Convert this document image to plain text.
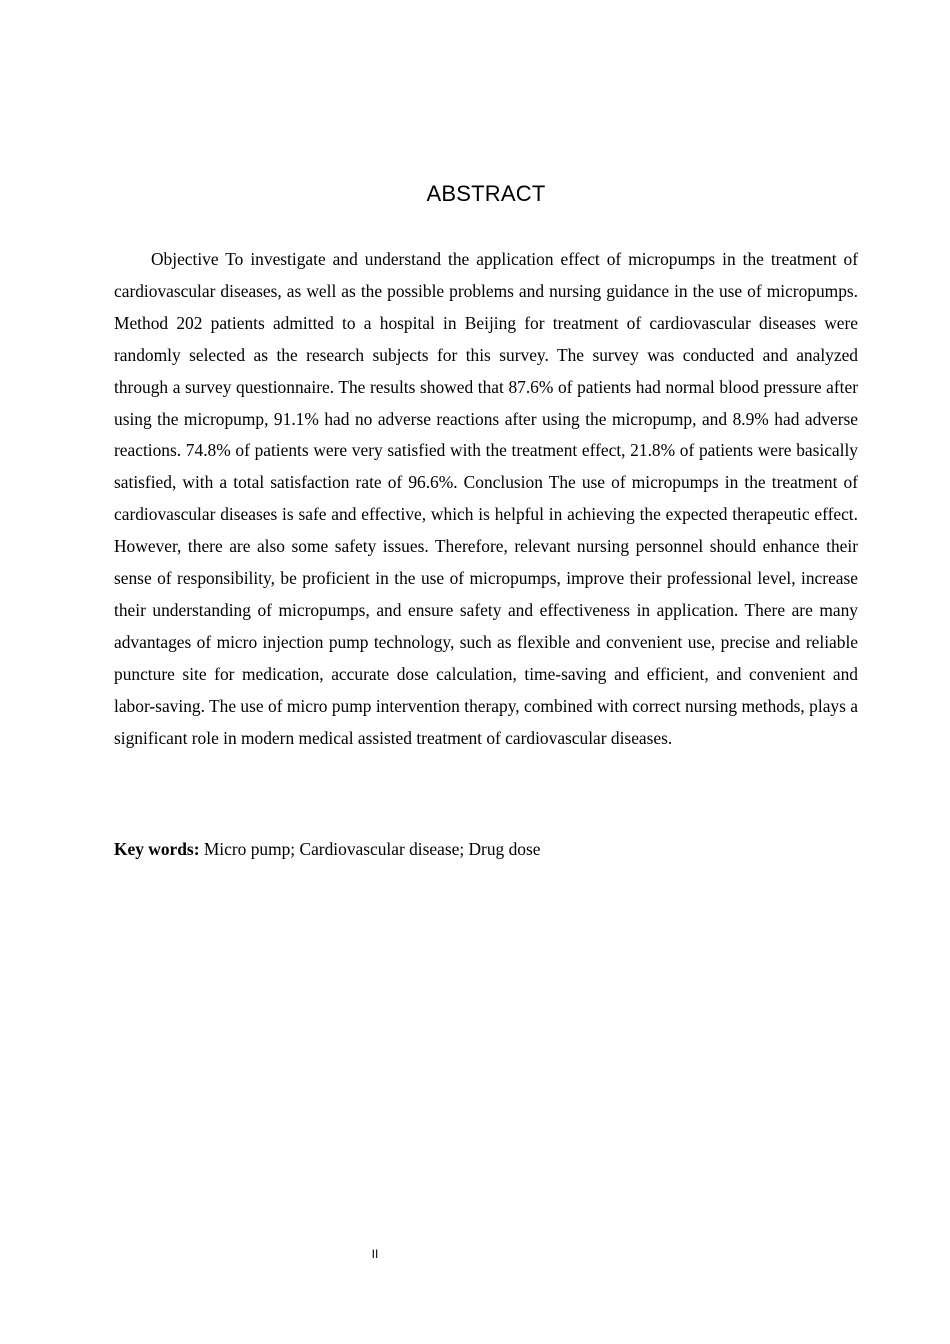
ABSTRACT

Objective To investigate and understand the application effect of micropumps in the treatment of cardiovascular diseases, as well as the possible problems and nursing guidance in the use of micropumps. Method 202 patients admitted to a hospital in Beijing for treatment of cardiovascular diseases were randomly selected as the research subjects for this survey. The survey was conducted and analyzed through a survey questionnaire. The results showed that 87.6% of patients had normal blood pressure after using the micropump, 91.1% had no adverse reactions after using the micropump, and 8.9% had adverse reactions. 74.8% of patients were very satisfied with the treatment effect, 21.8% of patients were basically satisfied, with a total satisfaction rate of 96.6%. Conclusion The use of micropumps in the treatment of cardiovascular diseases is safe and effective, which is helpful in achieving the expected therapeutic effect. However, there are also some safety issues. Therefore, relevant nursing personnel should enhance their sense of responsibility, be proficient in the use of micropumps, improve their professional level, increase their understanding of micropumps, and ensure safety and effectiveness in application. There are many advantages of micro injection pump technology, such as flexible and convenient use, precise and reliable puncture site for medication, accurate dose calculation, time-saving and efficient, and convenient and labor-saving. The use of micro pump intervention therapy, combined with correct nursing methods, plays a significant role in modern medical assisted treatment of cardiovascular diseases.

Key words: Micro pump; Cardiovascular disease; Drug dose

II
